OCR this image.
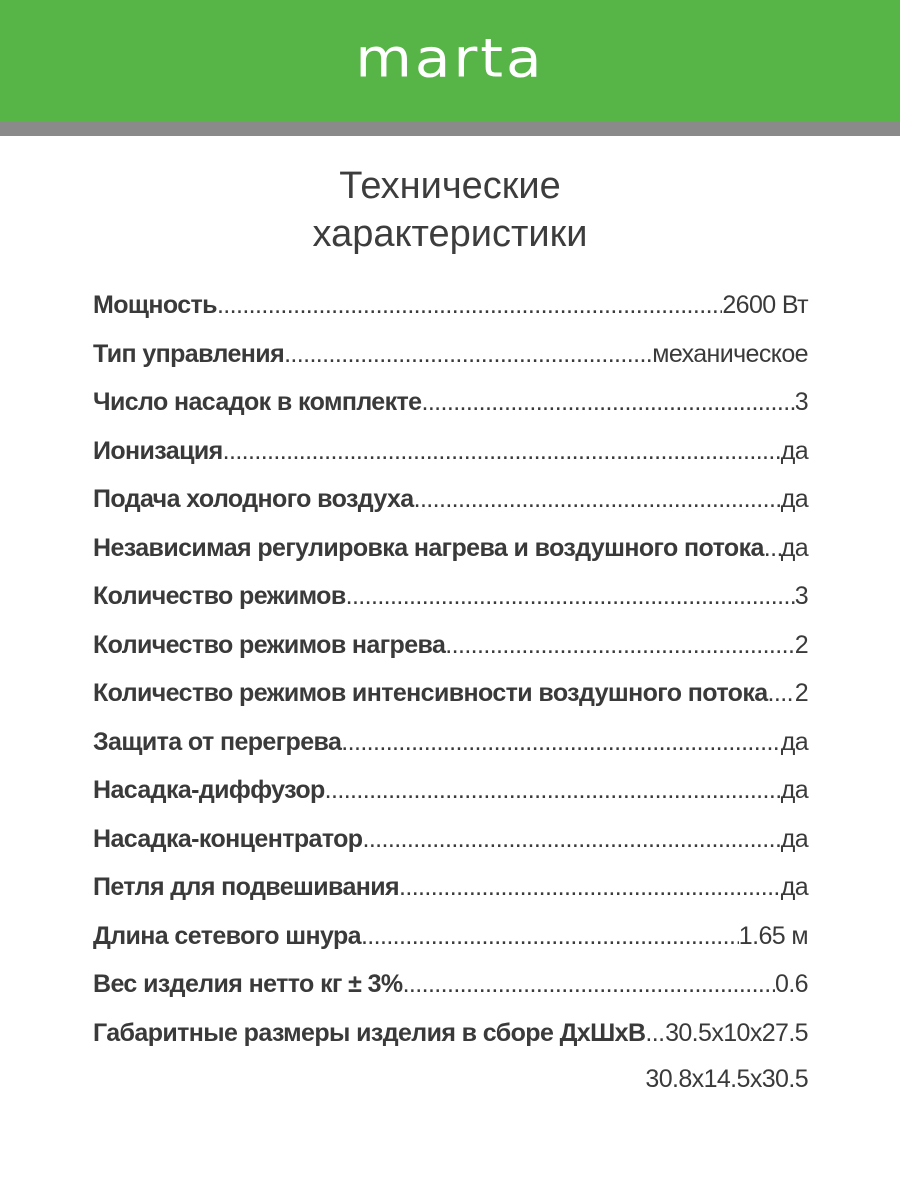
marta
Технические
характеристики
Мощность .....	2600 Вт
Тип управления .....	механическое
Число насадок в комплекте .....	3
Ионизация .....	да
Подача холодного воздуха .....	да
Независимая регулировка нагрева и воздушного потока ..... да
Количество режимов .....	3
Количество режимов нагрева .....	2
Количество режимов интенсивности воздушного потока ..... 2
Защита от перегрева .....	да
Насадка-диффузор .....	да
Насадка-концентратор .....	да
Петля для подвешивания .....	да
Длина сетевого шнура .....	1.65 м
Вес изделия нетто кг ± 3% .....	0.6
Габаритные размеры изделия в сборе ДхШхВ ..... 30.5х10х27.5
30.8х14.5х30.5
